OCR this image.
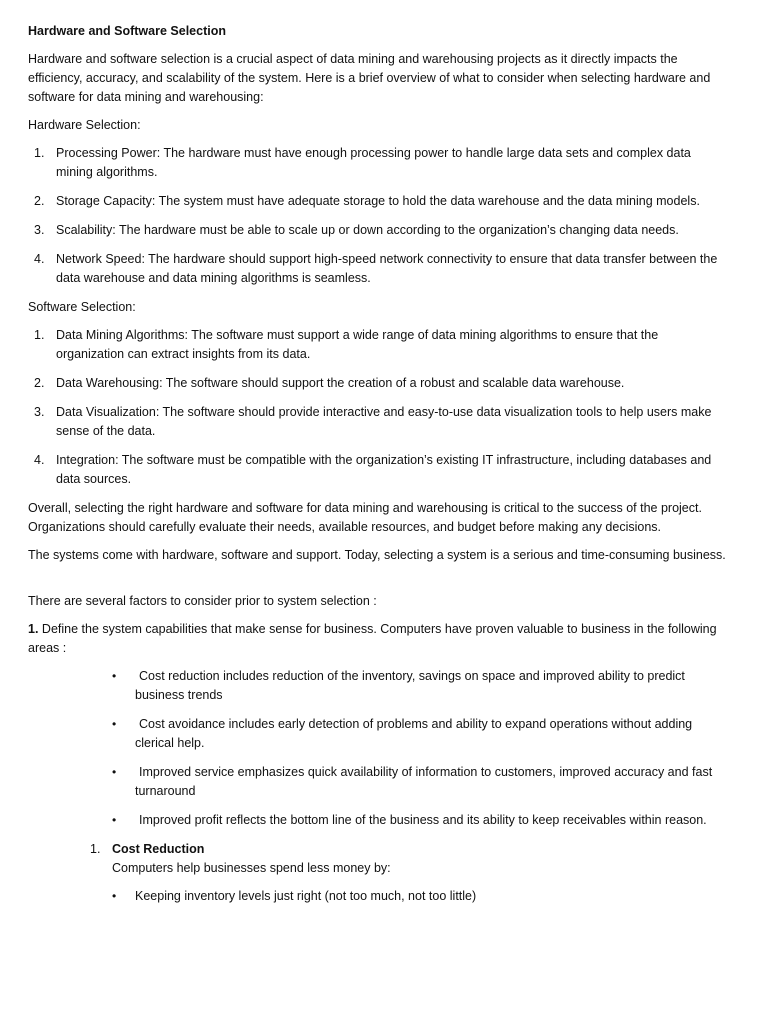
Hardware and Software Selection

Hardware and software selection is a crucial aspect of data mining and warehousing projects as it directly impacts the efficiency, accuracy, and scalability of the system. Here is a brief overview of what to consider when selecting hardware and software for data mining and warehousing:

Hardware Selection:

1. Processing Power: The hardware must have enough processing power to handle large data sets and complex data mining algorithms.
2. Storage Capacity: The system must have adequate storage to hold the data warehouse and the data mining models.
3. Scalability: The hardware must be able to scale up or down according to the organization’s changing data needs.
4. Network Speed: The hardware should support high-speed network connectivity to ensure that data transfer between the data warehouse and data mining algorithms is seamless.

Software Selection:

1. Data Mining Algorithms: The software must support a wide range of data mining algorithms to ensure that the organization can extract insights from its data.
2. Data Warehousing: The software should support the creation of a robust and scalable data warehouse.
3. Data Visualization: The software should provide interactive and easy-to-use data visualization tools to help users make sense of the data.
4. Integration: The software must be compatible with the organization’s existing IT infrastructure, including databases and data sources.

Overall, selecting the right hardware and software for data mining and warehousing is critical to the success of the project. Organizations should carefully evaluate their needs, available resources, and budget before making any decisions.

The systems come with hardware, software and support. Today, selecting a system is a serious and time-consuming business.

There are several factors to consider prior to system selection :

1. Define the system capabilities that make sense for business. Computers have proven valuable to business in the following areas :

• Cost reduction includes reduction of the inventory, savings on space and improved ability to predict business trends
• Cost avoidance includes early detection of problems and ability to expand operations without adding clerical help.
• Improved service emphasizes quick availability of information to customers, improved accuracy and fast turnaround
• Improved profit reflects the bottom line of the business and its ability to keep receivables within reason.
1. Cost Reduction
Computers help businesses spend less money by:
• Keeping inventory levels just right (not too much, not too little)
